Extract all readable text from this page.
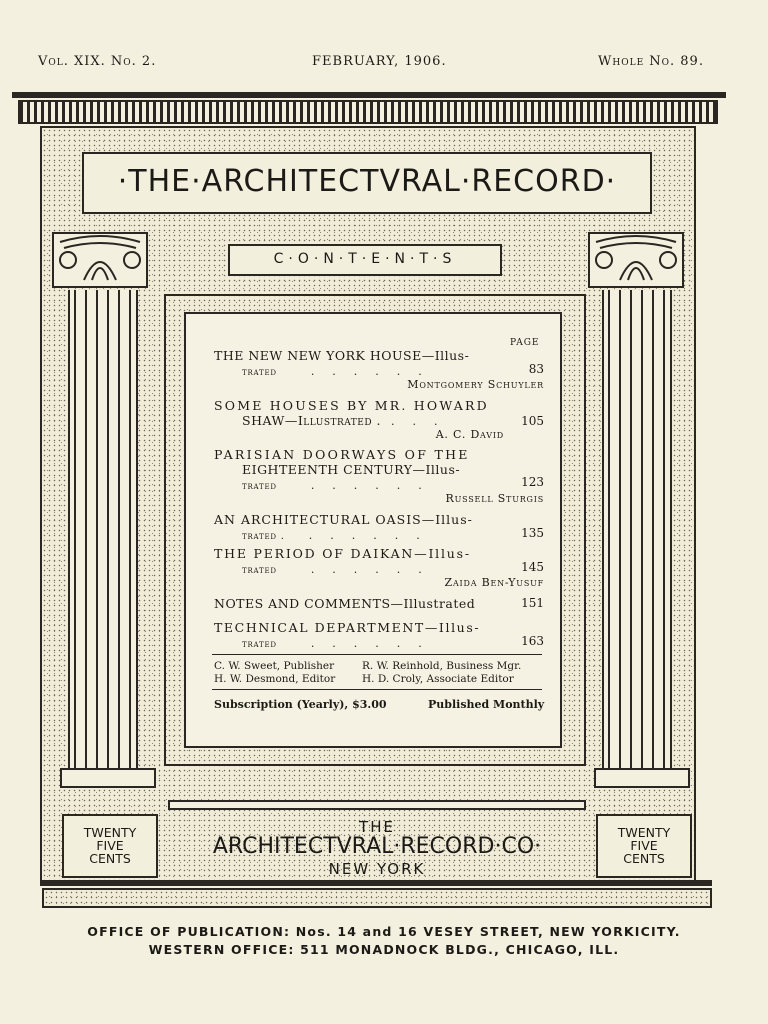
Vol. XIX. No. 2.	FEBRUARY, 1906.	Whole No. 89.
·THE·ARCHITECTVRAL·RECORD·
C·O·N·T·E·N·T·S
PAGE
THE NEW NEW YORK HOUSE—Illus-
trated	......	83
Montgomery Schuyler
SOME HOUSES BY MR. HOWARD
SHAW—Illustrated . ...	105
A. C. David
PARISIAN DOORWAYS OF THE
EIGHTEENTH CENTURY—Illus-
trated	......	123
Russell Sturgis
AN ARCHITECTURAL OASIS—Illus-
trated . ......	135
THE PERIOD OF DAIKAN—Illus-
trated	......	145
Zaida Ben-Yusuf
NOTES AND COMMENTS—Illustrated	151
TECHNICAL DEPARTMENT—Illus-
trated	......	163
C. W. Sweet, Publisher	R. W. Reinhold, Business Mgr.
H. W. Desmond, Editor	H. D. Croly, Associate Editor
Subscription (Yearly), $3.00	Published Monthly
TWENTY
FIVE
CENTS
TWENTY
FIVE
CENTS
THE
ARCHITECTVRAL·RECORD·CO·
NEW YORK
OFFICE OF PUBLICATION: Nos. 14 and 16 VESEY STREET, NEW YORKICITY.
WESTERN OFFICE: 511 MONADNOCK BLDG., CHICAGO, ILL.
